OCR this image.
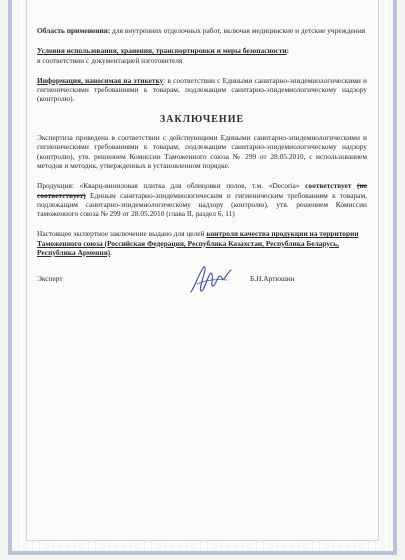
Область применения: для внутренних отделочных работ, включая медицинские и детские учреждения

Условия использования, хранения, транспортировки и меры безопасности:
в соответствии с документацией изготовителя

Информация, наносимая на этикетку: в соответствии с Едиными санитарно-эпидемиологическими и гигиеническими требованиями к товарам, подлежащим санитарно-эпидемиологическому надзору (контролю).

ЗАКЛЮЧЕНИЕ

Экспертиза проведена в соответствии с действующими Едиными санитарно-эпидемиологическими и гигиеническими требованиями к товарам, подлежащим санитарно-эпидемиологическому надзору (контролю), утв. решением Комиссии Таможенного союза № 299 от 28.05.2010, с использованием методов и методик, утвержденных в установленном порядке.

Продукция: «Кварц-виниловая плитка для облицовки полов, т.м. «Decoria» соответствует (не соответствует) Единым санитарно-эпидемиологическим и гигиеническим требованиям к товарам, подлежащим санитарно-эпидемиологическому надзору (контролю), утв. решением Комиссии таможенного союза № 299 от 28.05.2010 (глава II, раздел 6, 11)

Настоящее экспертное заключение выдано для целей контроля качества продукции на территории Таможенного союза (Российская Федерация, Республика Казахстан, Республика Беларусь, Республика Армения).

Эксперт	Б.Н.Артюшин
